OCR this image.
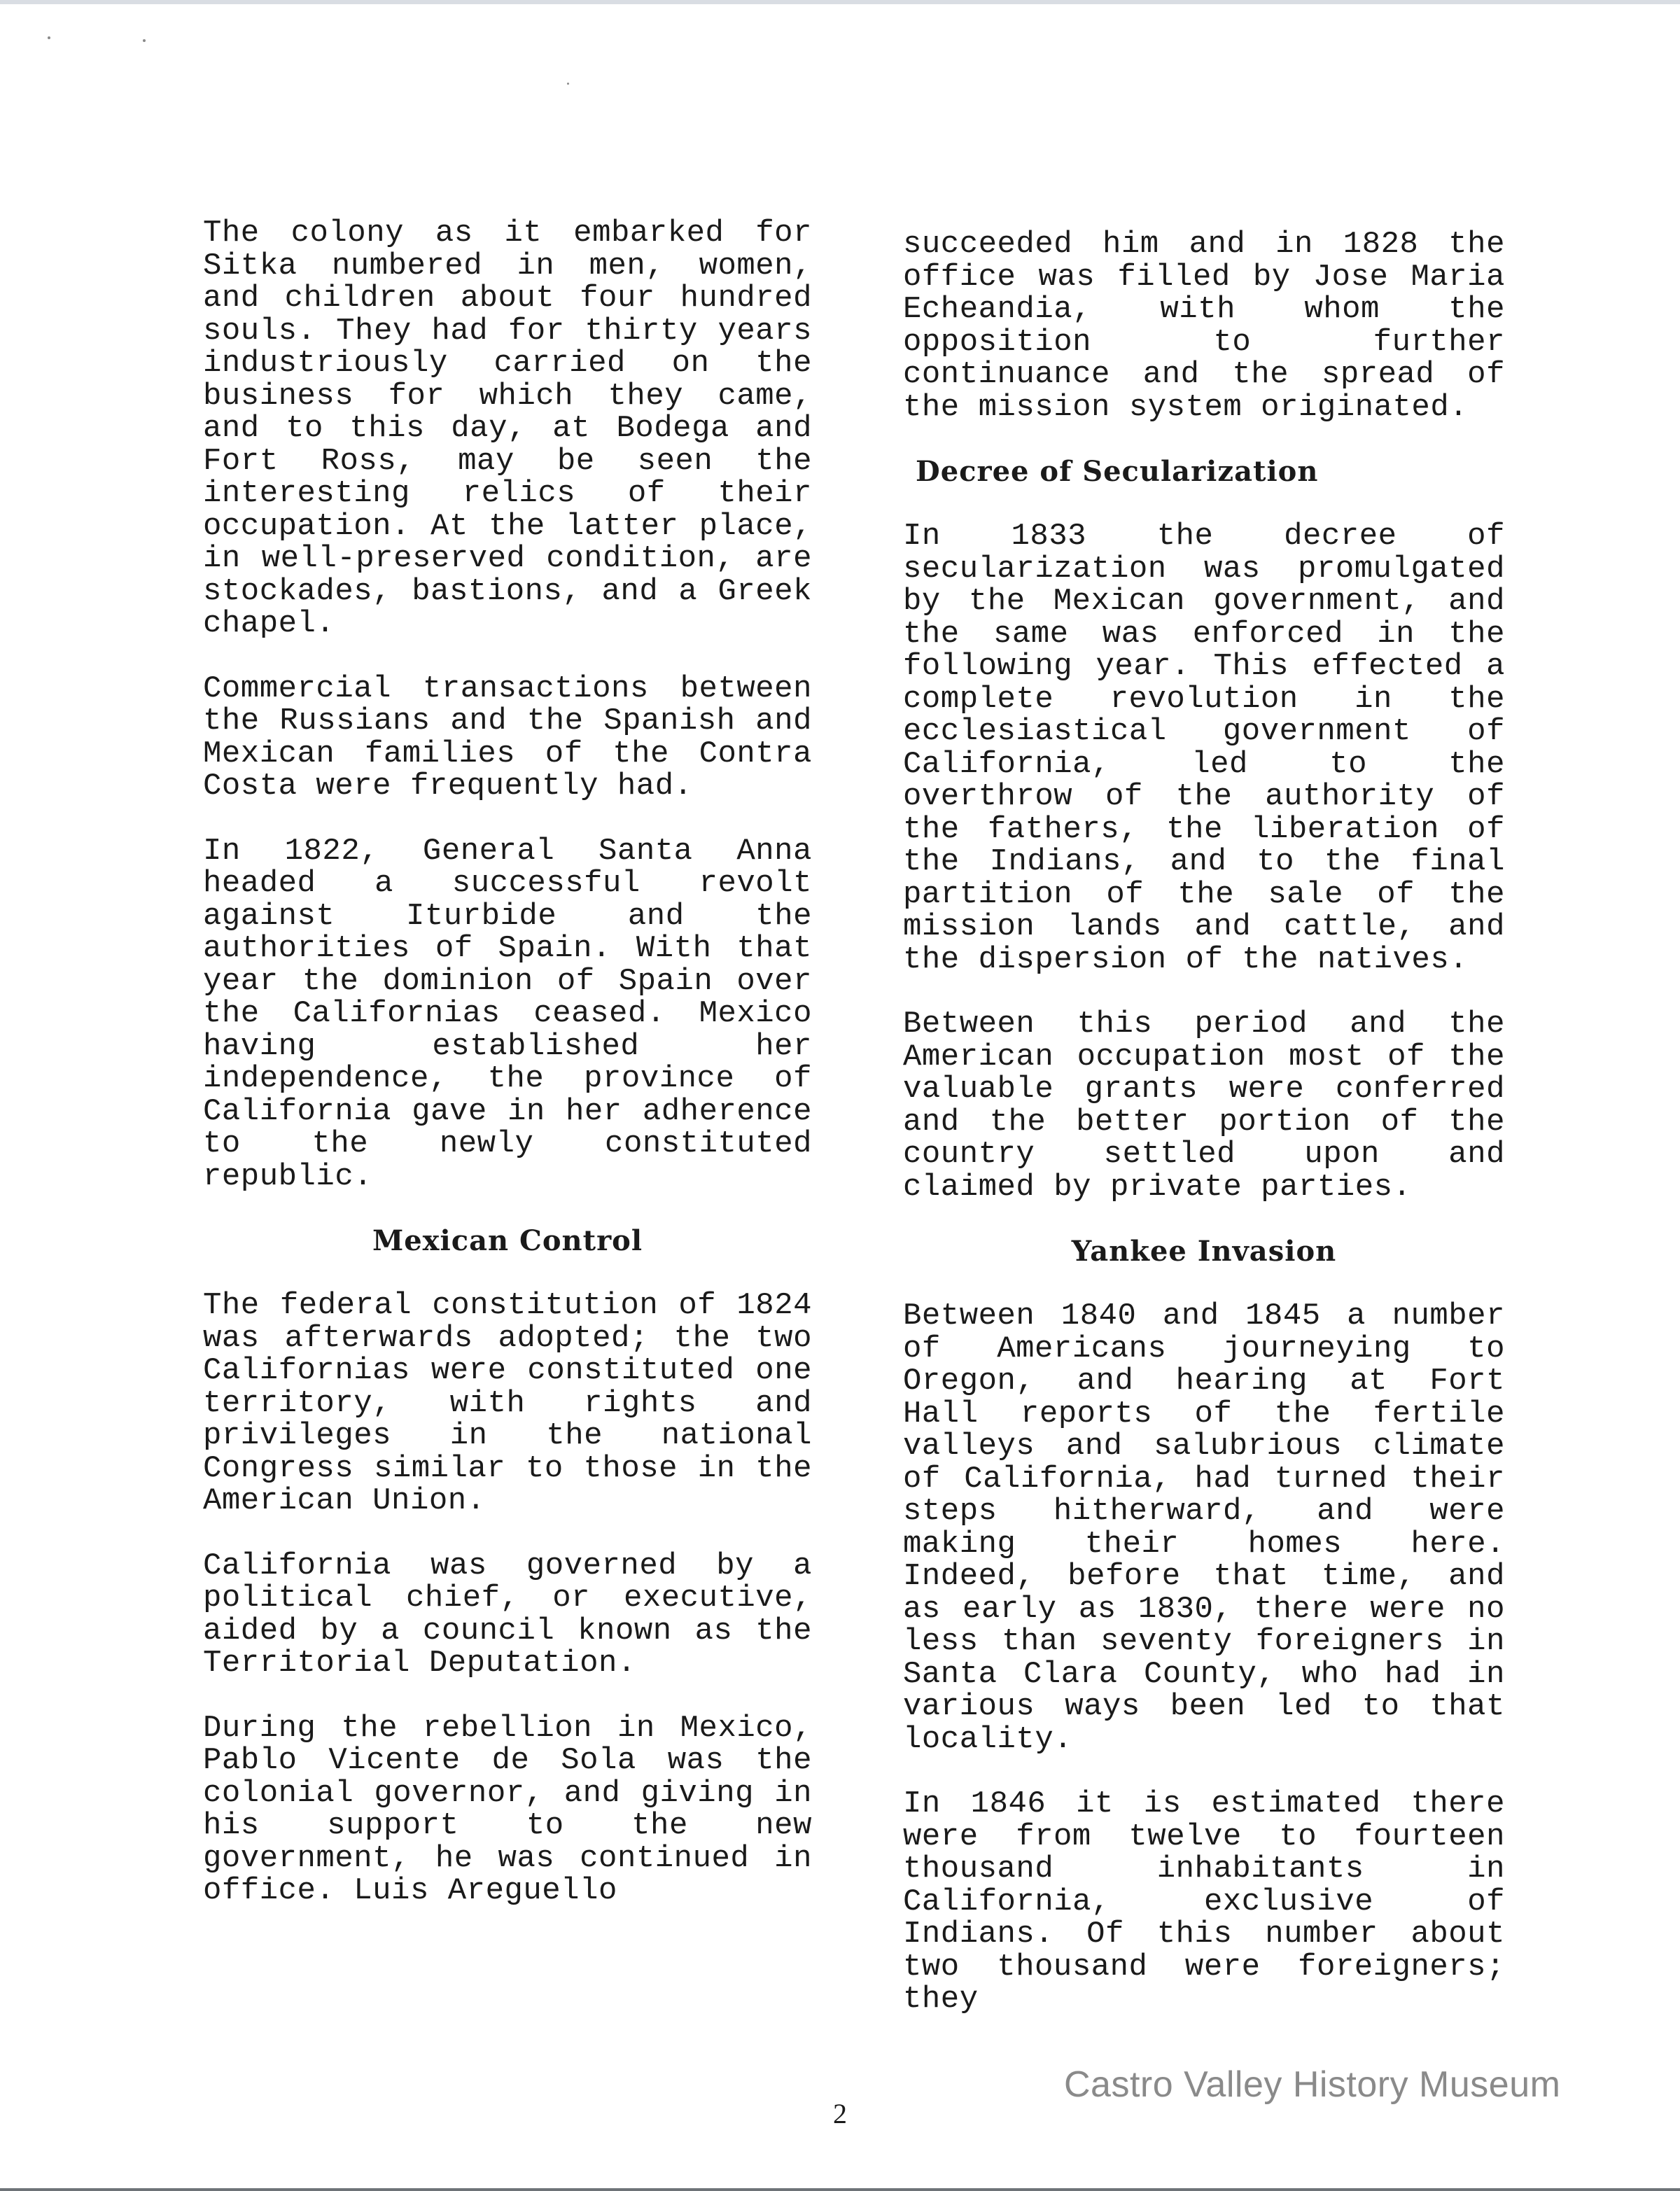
The colony as it embarked for Sitka numbered in men, women, and children about four hundred souls. They had for thirty years industriously carried on the business for which they came, and to this day, at Bodega and Fort Ross, may be seen the interesting relics of their occupation. At the latter place, in well-preserved condition, are stockades, bastions, and a Greek chapel.

Commercial transactions between the Russians and the Spanish and Mexican families of the Contra Costa were frequently had.

In 1822, General Santa Anna headed a successful revolt against Iturbide and the authorities of Spain. With that year the dominion of Spain over the Californias ceased. Mexico having established her independence, the province of California gave in her adherence to the newly constituted republic.

Mexican Control

The federal constitution of 1824 was afterwards adopted; the two Californias were constituted one territory, with rights and privileges in the national Congress similar to those in the American Union.

California was governed by a political chief, or executive, aided by a council known as the Territorial Deputation.

During the rebellion in Mexico, Pablo Vicente de Sola was the colonial governor, and giving in his support to the new government, he was continued in office. Luis Areguello

succeeded him and in 1828 the office was filled by Jose Maria Echeandia, with whom the opposition to further continuance and the spread of the mission system originated.

Decree of Secularization

In 1833 the decree of secularization was promulgated by the Mexican government, and the same was enforced in the following year. This effected a complete revolution in the ecclesiastical government of California, led to the overthrow of the authority of the fathers, the liberation of the Indians, and to the final partition of the sale of the mission lands and cattle, and the dispersion of the natives.

Between this period and the American occupation most of the valuable grants were conferred and the better portion of the country settled upon and claimed by private parties.

Yankee Invasion

Between 1840 and 1845 a number of Americans journeying to Oregon, and hearing at Fort Hall reports of the fertile valleys and salubrious climate of California, had turned their steps hitherward, and were making their homes here. Indeed, before that time, and as early as 1830, there were no less than seventy foreigners in Santa Clara County, who had in various ways been led to that locality.

In 1846 it is estimated there were from twelve to fourteen thousand inhabitants in California, exclusive of Indians. Of this number about two thousand were foreigners; they

2
Castro Valley History Museum
